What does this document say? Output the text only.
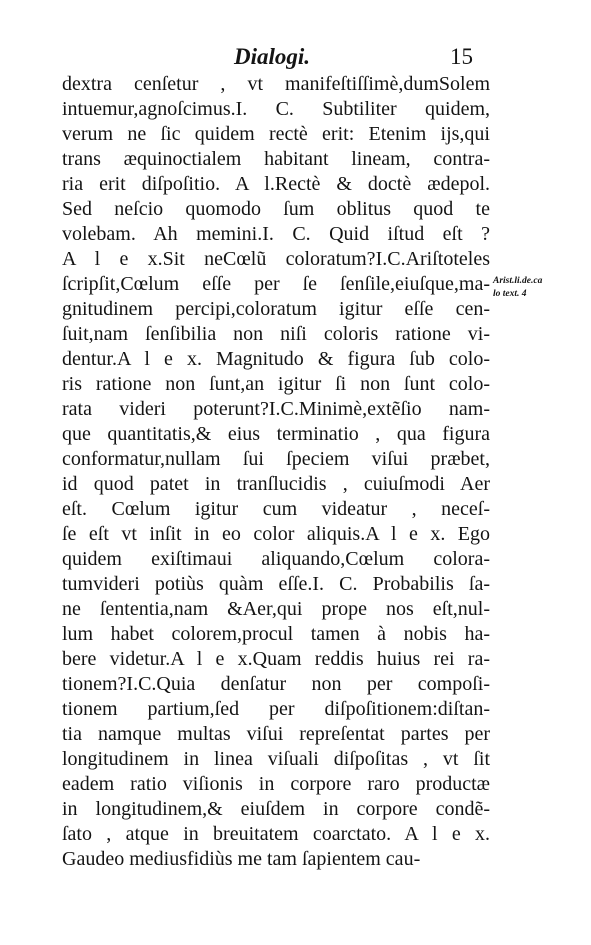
Dialogi.	15
dextra cenſetur , vt manifeſtiſſimè,dumSolem
intuemur,agnoſcimus.I. C. Subtiliter quidem,
verum ne ſic quidem rectè erit: Etenim ijs,qui
trans æquinoctialem habitant lineam, contra-
ria erit diſpoſitio. A l.Rectè & doctè ædepol.
Sed neſcio quomodo ſum oblitus quod te
volebam. Ah memini.I. C. Quid iſtud eſt ?
A l e x.Sit neCœlũ coloratum?I.C.Ariſtoteles
ſcripſit,Cœlum eſſe per ſe ſenſile,eiuſque,ma-
gnitudinem percipi,coloratum igitur eſſe cen-
ſuit,nam ſenſibilia non niſi coloris ratione vi-
dentur.A l e x. Magnitudo & figura ſub colo-
ris ratione non ſunt,an igitur ſi non ſunt colo-
rata videri poterunt?I.C.Minimè,extẽſio nam-
que quantitatis,& eius terminatio , qua figura
conformatur,nullam ſui ſpeciem viſui præbet,
id quod patet in tranſlucidis , cuiuſmodi Aer
eſt. Cœlum igitur cum videatur , neceſ-
ſe eſt vt inſit in eo color aliquis.A l e x. Ego
quidem exiſtimaui aliquando,Cœlum colora-
tumvideri potiùs quàm eſſe.I. C. Probabilis ſa-
ne ſententia,nam &Aer,qui prope nos eſt,nul-
lum habet colorem,procul tamen à nobis ha-
bere videtur.A l e x.Quam reddis huius rei ra-
tionem?I.C.Quia denſatur non per compoſi-
tionem partium,ſed per diſpoſitionem:diſtan-
tia namque multas viſui repreſentat partes per
longitudinem in linea viſuali diſpoſitas , vt ſit
eadem ratio viſionis in corpore raro productæ
in longitudinem,& eiuſdem in corpore condẽ-
ſato , atque in breuitatem coarctato. A l e x.
Gaudeo mediusfidiùs me tam ſapientem cau-
Arist.li.de.ca
lo text. 4
